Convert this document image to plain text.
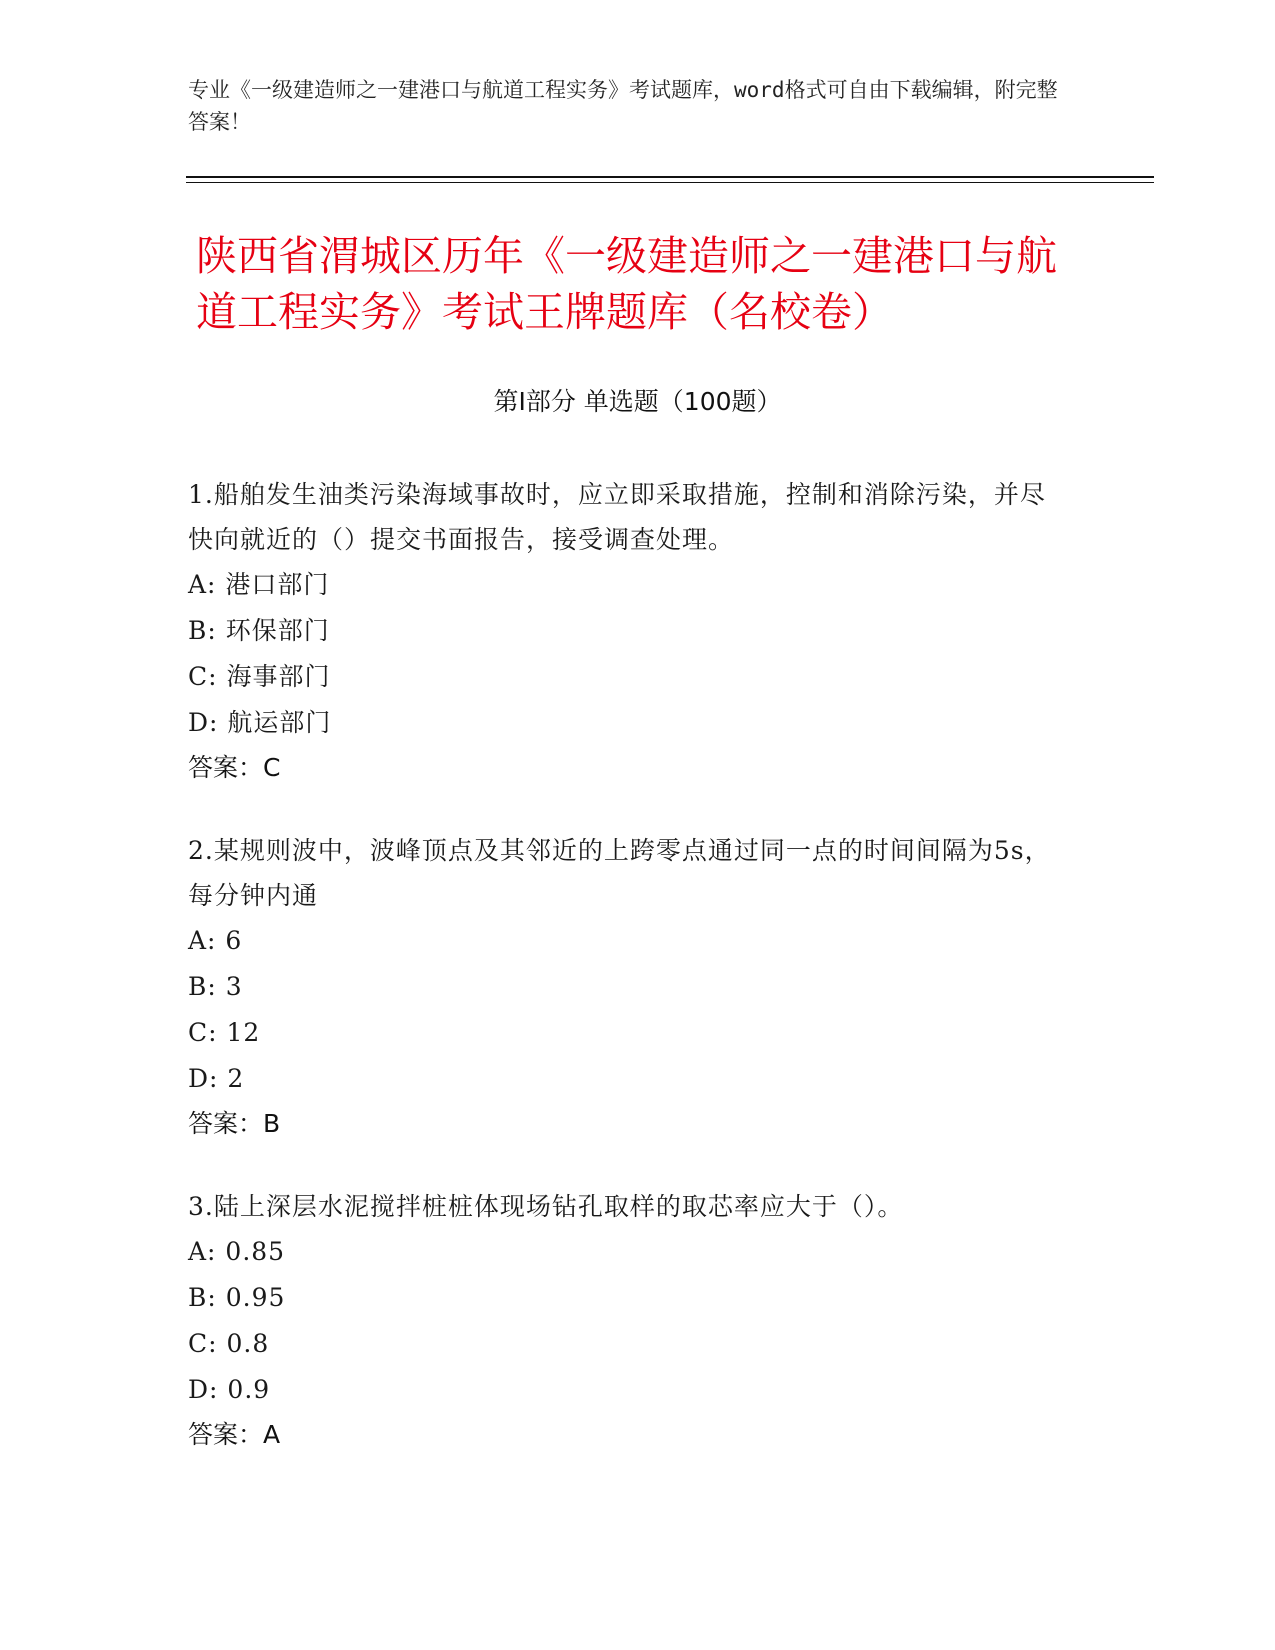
专业《一级建造师之一建港口与航道工程实务》考试题库，word格式可自由下载编辑，附完整答案！
陕西省渭城区历年《一级建造师之一建港口与航道工程实务》考试王牌题库（名校卷）
第Ⅰ部分 单选题（100题）
1.船舶发生油类污染海域事故时，应立即采取措施，控制和消除污染，并尽快向就近的（）提交书面报告，接受调查处理。
A: 港口部门
B: 环保部门
C: 海事部门
D: 航运部门
答案：C
2.某规则波中，波峰顶点及其邻近的上跨零点通过同一点的时间间隔为5s，每分钟内通
A: 6
B: 3
C: 12
D: 2
答案：B
3.陆上深层水泥搅拌桩桩体现场钻孔取样的取芯率应大于（）。
A: 0.85
B: 0.95
C: 0.8
D: 0.9
答案：A
